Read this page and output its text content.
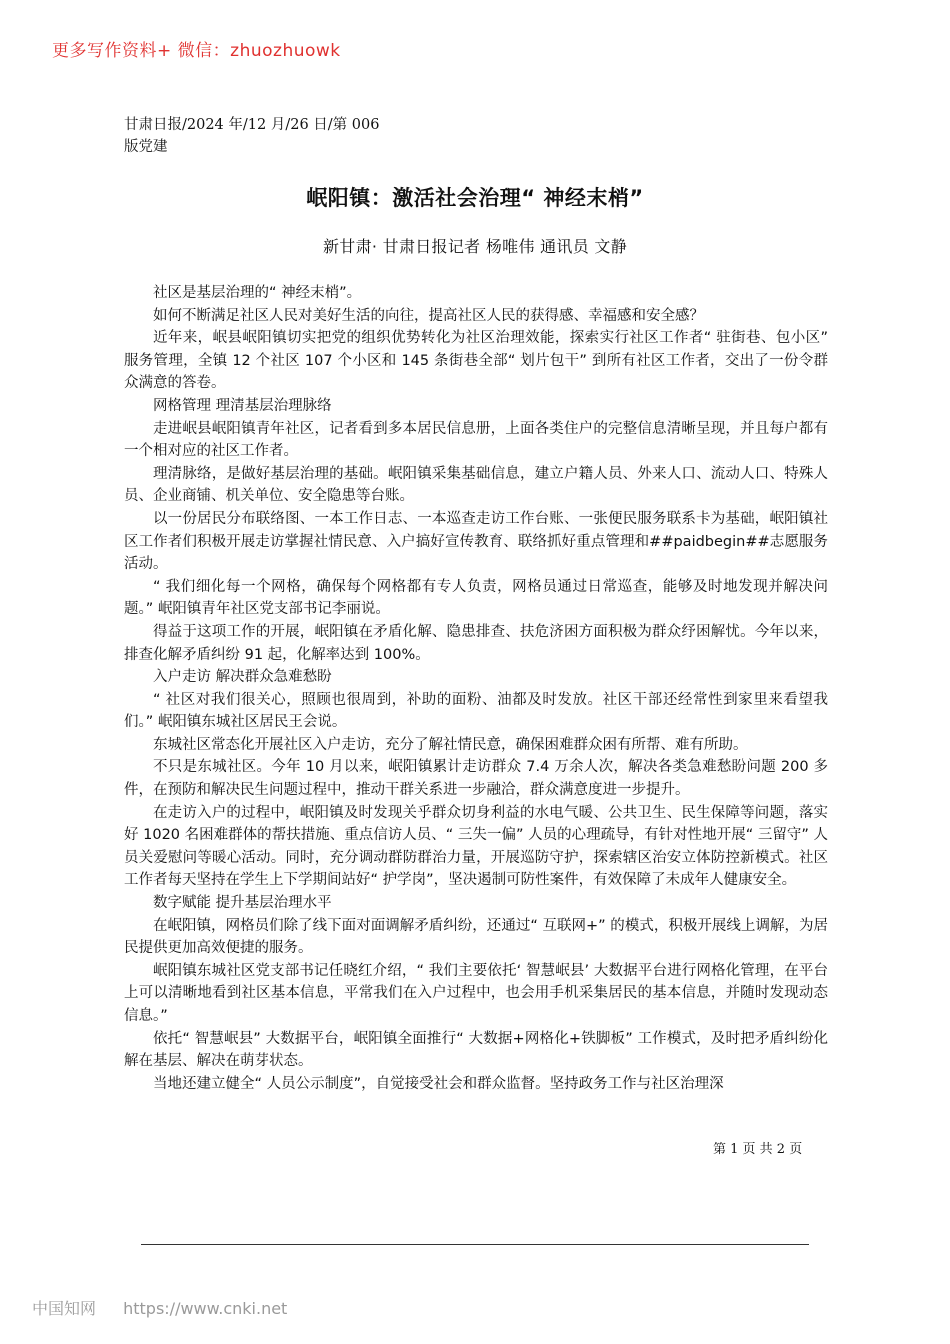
更多写作资料+ 微信：zhuozhuowk
甘肃日报/2024 年/12 月/26 日/第 006
版党建
岷阳镇：激活社会治理“ 神经末梢”
新甘肃· 甘肃日报记者 杨唯伟 通讯员 文静

社区是基层治理的“ 神经末梢”。

如何不断满足社区人民对美好生活的向往，提高社区人民的获得感、幸福感和安全感？

近年来，岷县岷阳镇切实把党的组织优势转化为社区治理效能，探索实行社区工作者“ 驻街巷、包小区” 服务管理，全镇 12 个社区 107 个小区和 145 条街巷全部“ 划片包干” 到所有社区工作者，交出了一份令群众满意的答卷。

网格管理 理清基层治理脉络

走进岷县岷阳镇青年社区，记者看到多本居民信息册，上面各类住户的完整信息清晰呈现，并且每户都有一个相对应的社区工作者。

理清脉络，是做好基层治理的基础。岷阳镇采集基础信息，建立户籍人员、外来人口、流动人口、特殊人员、企业商铺、机关单位、安全隐患等台账。

以一份居民分布联络图、一本工作日志、一本巡查走访工作台账、一张便民服务联系卡为基础，岷阳镇社区工作者们积极开展走访掌握社情民意、入户搞好宣传教育、联络抓好重点管理和##paidbegin##志愿服务活动。

“ 我们细化每一个网格，确保每个网格都有专人负责，网格员通过日常巡查，能够及时地发现并解决问题。” 岷阳镇青年社区党支部书记李丽说。

得益于这项工作的开展，岷阳镇在矛盾化解、隐患排查、扶危济困方面积极为群众纾困解忧。今年以来，排查化解矛盾纠纷 91 起，化解率达到 100%。

入户走访 解决群众急难愁盼

“ 社区对我们很关心，照顾也很周到，补助的面粉、油都及时发放。社区干部还经常性到家里来看望我们。” 岷阳镇东城社区居民王会说。

东城社区常态化开展社区入户走访，充分了解社情民意，确保困难群众困有所帮、难有所助。

不只是东城社区。今年 10 月以来，岷阳镇累计走访群众 7.4 万余人次，解决各类急难愁盼问题 200 多件，在预防和解决民生问题过程中，推动干群关系进一步融洽，群众满意度进一步提升。

在走访入户的过程中，岷阳镇及时发现关乎群众切身利益的水电气暖、公共卫生、民生保障等问题，落实好 1020 名困难群体的帮扶措施、重点信访人员、“ 三失一偏” 人员的心理疏导，有针对性地开展“ 三留守” 人员关爱慰问等暖心活动。同时，充分调动群防群治力量，开展巡防守护，探索辖区治安立体防控新模式。社区工作者每天坚持在学生上下学期间站好“ 护学岗”，坚决遏制可防性案件，有效保障了未成年人健康安全。

数字赋能 提升基层治理水平

在岷阳镇，网格员们除了线下面对面调解矛盾纠纷，还通过“ 互联网+” 的模式，积极开展线上调解，为居民提供更加高效便捷的服务。

岷阳镇东城社区党支部书记任晓红介绍，“ 我们主要依托‘ 智慧岷县’ 大数据平台进行网格化管理，在平台上可以清晰地看到社区基本信息，平常我们在入户过程中，也会用手机采集居民的基本信息，并随时发现动态信息。”

依托“ 智慧岷县” 大数据平台，岷阳镇全面推行“ 大数据+网格化+铁脚板” 工作模式，及时把矛盾纠纷化解在基层、解决在萌芽状态。

当地还建立健全“ 人员公示制度”，自觉接受社会和群众监督。坚持政务工作与社区治理深

第 1 页 共 2 页
中国知网 https://www.cnki.net
